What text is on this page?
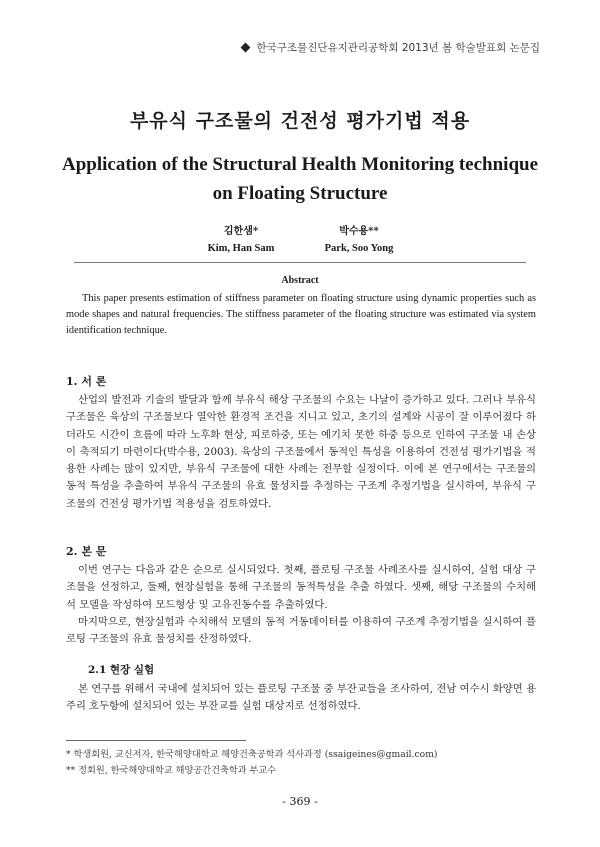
한국구조물진단유지관리공학회 2013년 봄 학술발표회 논문집
부유식 구조물의 건전성 평가기법 적용
Application of the Structural Health Monitoring technique on Floating Structure
김한샘*	박수용**
Kim, Han Sam	Park, Soo Yong
Abstract
This paper presents estimation of stiffness parameter on floating structure using dynamic properties such as mode shapes and natural frequencies. The stiffness parameter of the floating structure was estimated via system identification technique.
1. 서 론
산업의 발전과 기술의 발달과 함께 부유식 해상 구조물의 수요는 나날이 증가하고 있다. 그러나 부유식 구조물은 육상의 구조물보다 열악한 환경적 조건을 지니고 있고, 초기의 설계와 시공이 잘 이루어졌다 하더라도 시간이 흐름에 따라 노후화 현상, 피로하중, 또는 예기치 못한 하중 등으로 인하여 구조물 내 손상이 축적되기 마련이다(박수용, 2003). 육상의 구조물에서 동적인 특성을 이용하여 건전성 평가기법을 적용한 사례는 많이 있지만, 부유식 구조물에 대한 사례는 전무할 실정이다. 이에 본 연구에서는 구조물의 동적 특성을 추출하여 부유식 구조물의 유효 물성치를 추정하는 구조계 추정기법을 실시하여, 부유식 구조물의 건전성 평가기법 적용성을 검토하였다.
2. 본 문
이번 연구는 다음과 같은 순으로 실시되었다. 첫째, 플로팅 구조물 사례조사를 실시하여, 실험 대상 구조물을 선정하고, 둘째, 현장실험을 통해 구조물의 동적특성을 추출 하였다. 셋째, 해당 구조물의 수치해석 모델을 작성하여 모드형상 및 고유진동수를 추출하였다.
마지막으로, 현장실험과 수치해석 모델의 동적 거동데이터를 이용하여 구조계 추정기법을 실시하여 플로팅 구조물의 유효 물성치를 산정하였다.
2.1 현장 실험
본 연구를 위해서 국내에 설치되어 있는 플로팅 구조물 중 부잔교들을 조사하여, 전남 여수시 화양면 용주리 호두항에 설치되어 있는 부잔교를 실험 대상지로 선정하였다.
* 학생회원, 교신저자, 한국해양대학교 해양건축공학과 석사과정 (ssaigeines@gmail.com)
** 정회원, 한국해양대학교 해양공간건축학과 부교수
- 369 -
